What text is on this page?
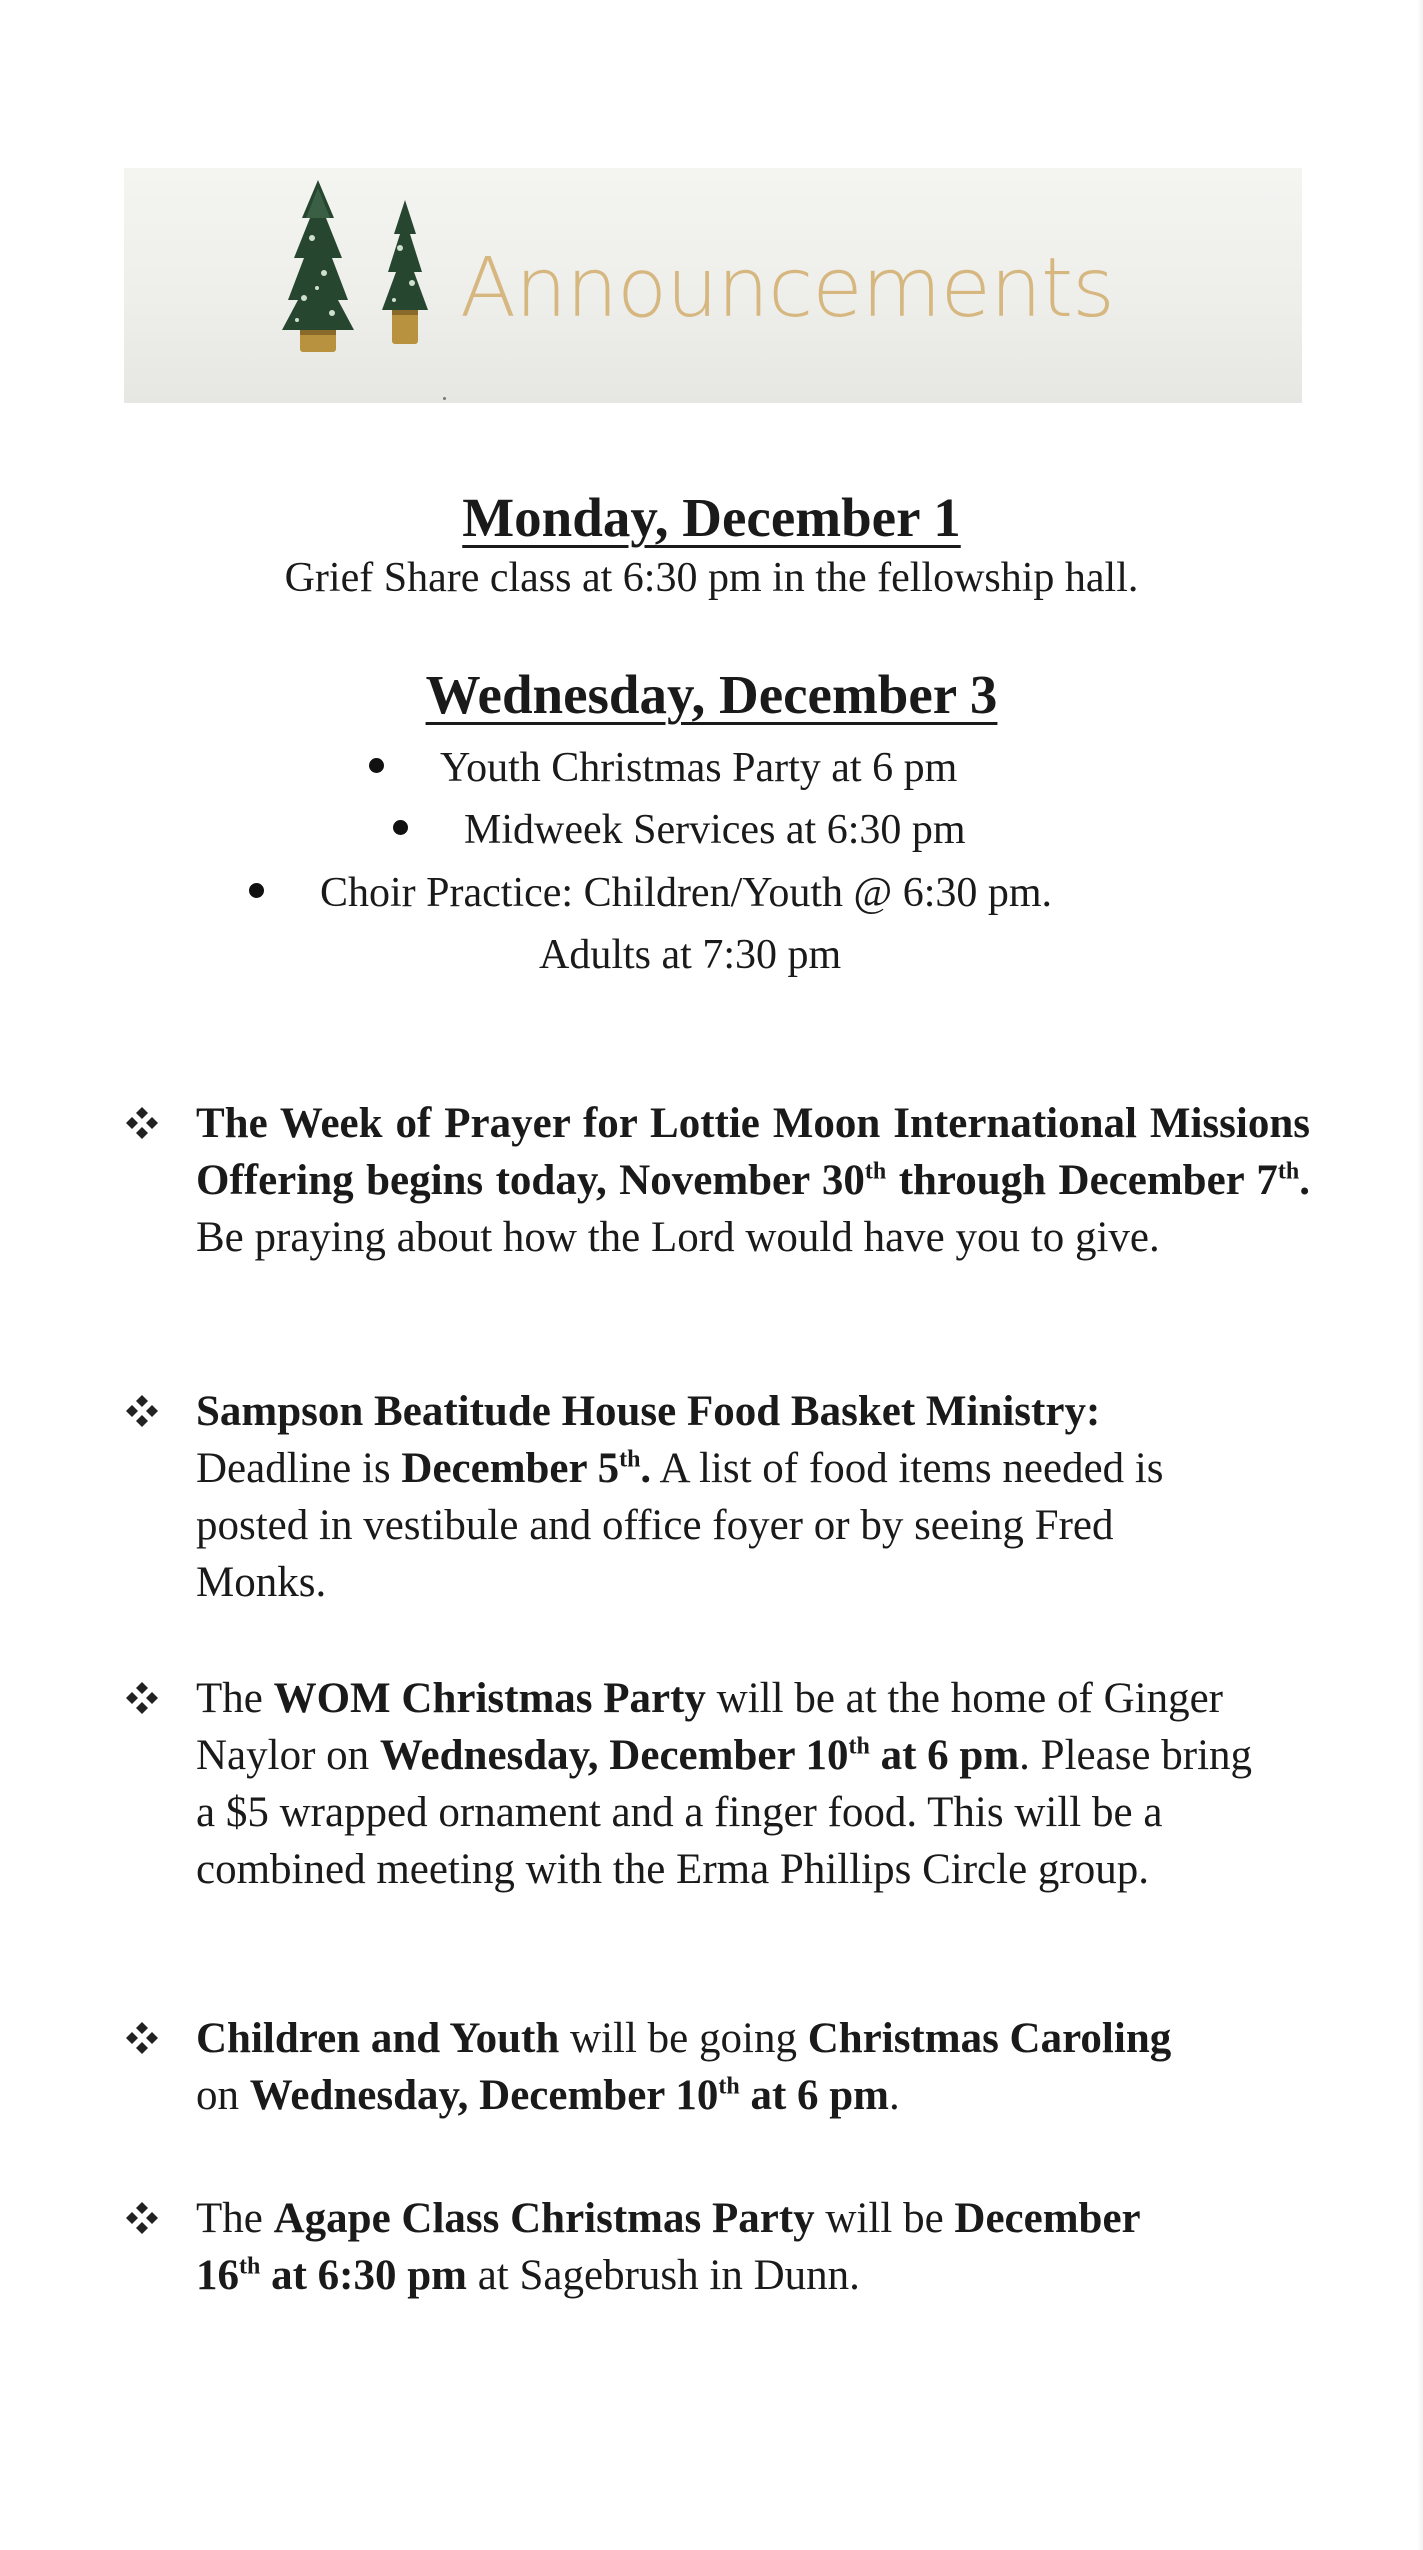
Announcements
Monday, December 1
Grief Share class at 6:30 pm in the fellowship hall.
Wednesday, December 3
Youth Christmas Party at 6 pm
Midweek Services at 6:30 pm
Choir Practice: Children/Youth @ 6:30 pm.
Adults at 7:30 pm
The Week of Prayer for Lottie Moon International Missions Offering begins today, November 30th through December 7th. Be praying about how the Lord would have you to give.
Sampson Beatitude House Food Basket Ministry:
Deadline is December 5th. A list of food items needed is posted in vestibule and office foyer or by seeing Fred Monks.
The WOM Christmas Party will be at the home of Ginger Naylor on Wednesday, December 10th at 6 pm. Please bring a $5 wrapped ornament and a finger food. This will be a combined meeting with the Erma Phillips Circle group.
Children and Youth will be going Christmas Caroling
on Wednesday, December 10th at 6 pm.
The Agape Class Christmas Party will be December
16th at 6:30 pm at Sagebrush in Dunn.
